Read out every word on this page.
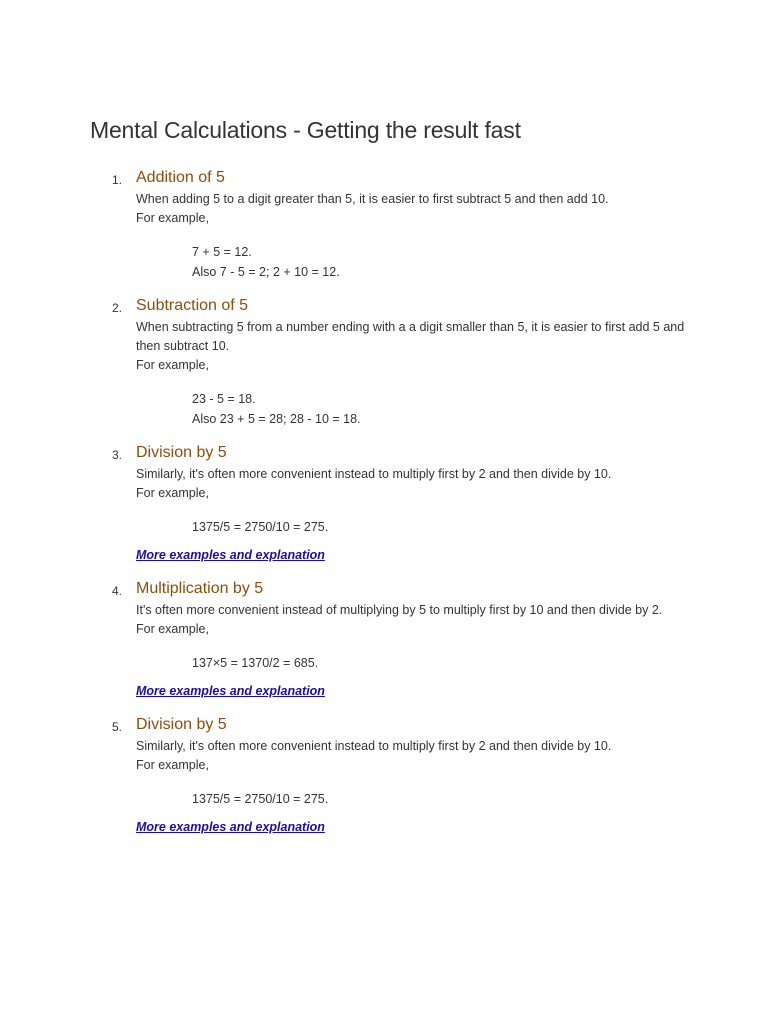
Mental Calculations - Getting the result fast
1. Addition of 5

When adding 5 to a digit greater than 5, it is easier to first subtract 5 and then add 10.

For example,

7 + 5 = 12.

Also 7 - 5 = 2; 2 + 10 = 12.

2. Subtraction of 5

When subtracting 5 from a number ending with a a digit smaller than 5, it is easier to first add 5 and then subtract 10.

For example,

23 - 5 = 18.

Also 23 + 5 = 28; 28 - 10 = 18.

3. Division by 5

Similarly, it's often more convenient instead to multiply first by 2 and then divide by 10.

For example,

1375/5 = 2750/10 = 275.

More examples and explanation
4. Multiplication by 5

It's often more convenient instead of multiplying by 5 to multiply first by 10 and then divide by 2.

For example,

137×5 = 1370/2 = 685.

More examples and explanation
5. Division by 5

Similarly, it's often more convenient instead to multiply first by 2 and then divide by 10.

For example,

1375/5 = 2750/10 = 275.

More examples and explanation
